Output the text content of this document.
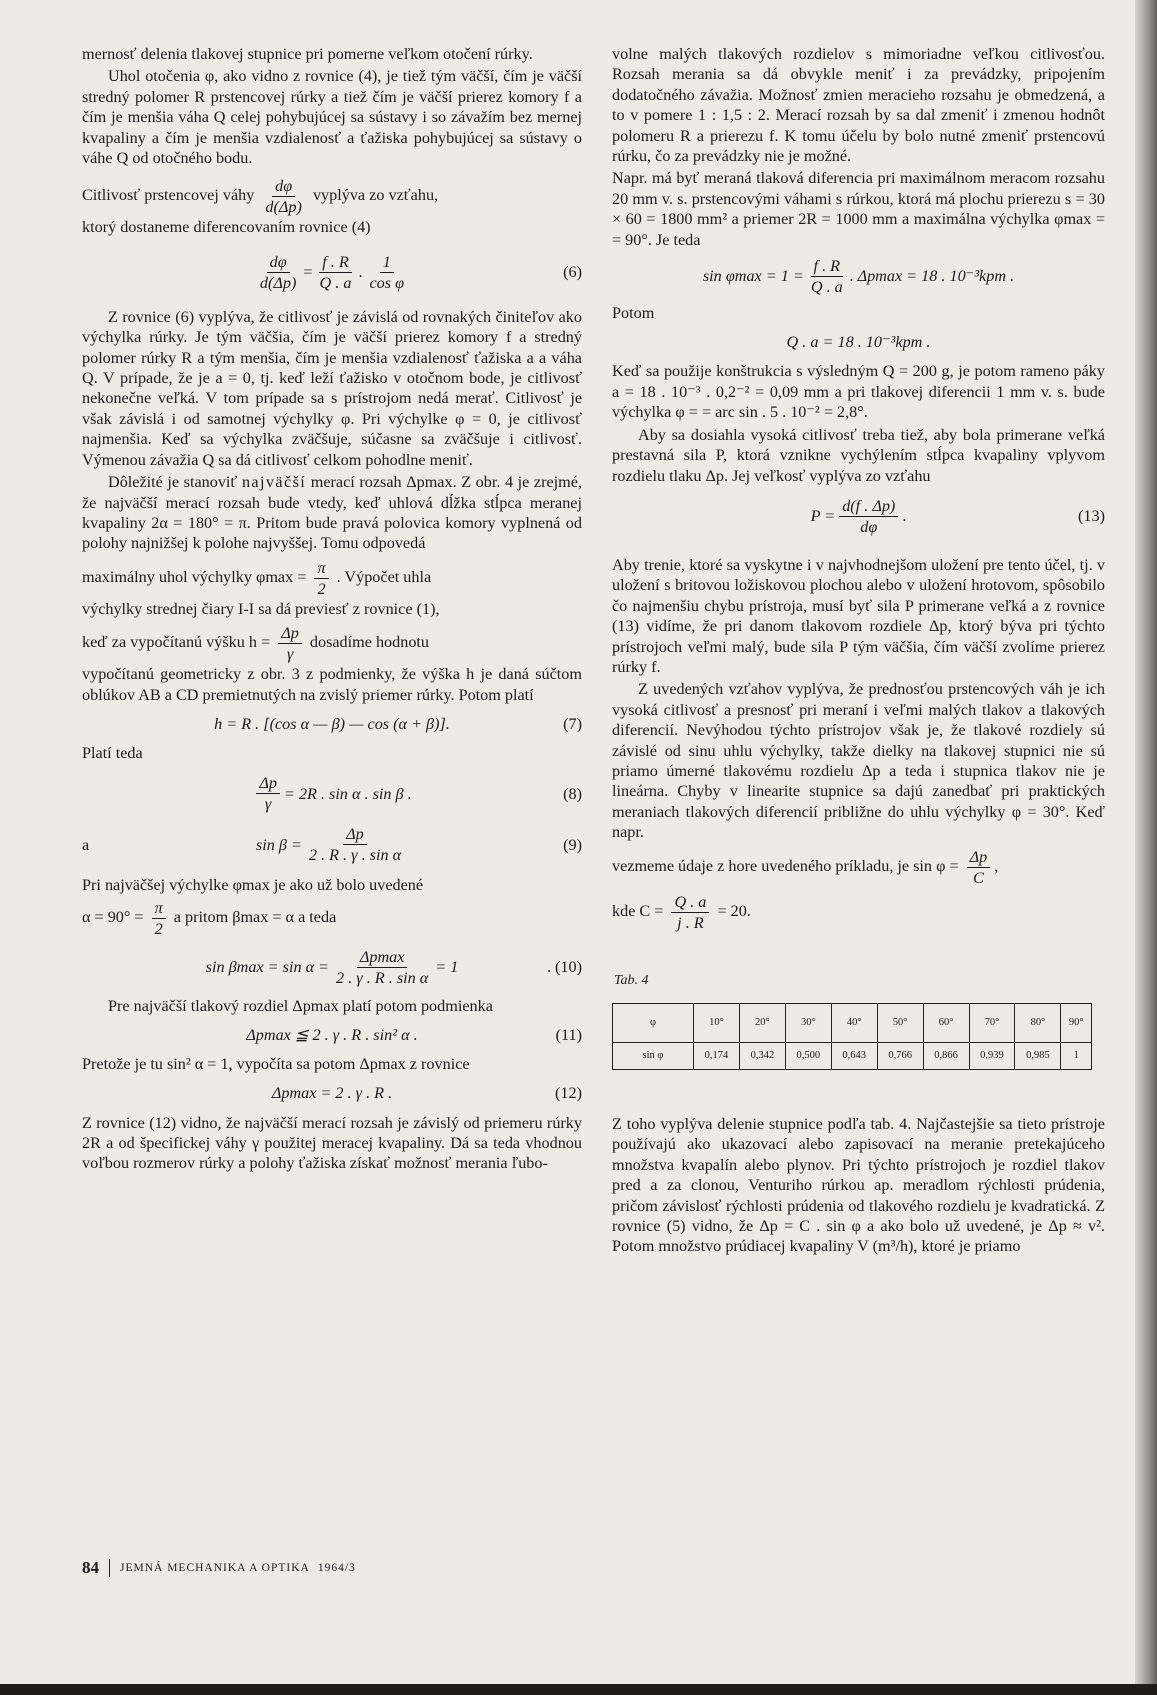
mernosť delenia tlakovej stupnice pri pomerne veľkom otočení rúrky.

Uhol otočenia φ, ako vidno z rovnice (4), je tiež tým väčší, čím je väčší stredný polomer R prstencovej rúrky a tiež čím je väčší prierez komory f a čím je menšia váha Q celej pohybujúcej sa sústavy i so závažím bez mernej kvapaliny a čím je menšia vzdialenosť a ťažiska pohybujúcej sa sústavy o váhe Q od otočného bodu.

Citlivosť prstencovej váhy $\frac{d\varphi}{d(\Delta p)}$ vyplýva zo vzťahu,
ktorý dostaneme diferencovaním rovnice (4)
$\frac{d\varphi}{d(\Delta p)} = \frac{f . R}{Q . a}$ . $\frac{1}{\text{cos φ}}$	(6)

Z rovnice (6) vyplýva, že citlivosť je závislá od rovnakých činiteľov ako výchylka rúrky. Je tým väčšia, čím je väčší prierez komory f a stredný polomer rúrky R a tým menšia, čím je menšia vzdialenosť ťažiska a a váha Q. V prípade, že je a = 0, tj. keď leží ťažisko v otočnom bode, je citlivosť nekonečne veľká. V tom prípade sa s prístrojom nedá merať. Citlivosť je však závislá i od samotnej výchylky φ. Pri výchylke φ = 0, je citlivosť najmenšia. Keď sa výchylka zväčšuje, súčasne sa zväčšuje i citlivosť. Výmenou závažia Q sa dá citlivosť celkom pohodlne meniť.

Dôležité je stanoviť najväčší merací rozsah Δpmax. Z obr. 4 je zrejmé, že najväčší merací rozsah bude vtedy, keď uhlová dĺžka stĺpca meranej kvapaliny 2α = 180° = π. Pritom bude pravá polovica komory vyplnená od polohy najnižšej k polohe najvyššej. Tomu odpovedá

maximálny uhol výchylky $\varphi\max = \frac{\pi}{2}$ . Výpočet uhla
výchylky strednej čiary I-I sa dá previesť z rovnice (1),
keď za vypočítanú výšku $h = \frac{\Delta p}{\gamma}$ dosadíme hodnotu

vypočítanú geometricky z obr. 3 z podmienky, že výška h je daná súčtom oblúkov AB a CD premietnutých na zvislý priemer rúrky. Potom platí

h = R . [(cos α — β) — cos (α + β)].	(7)

Platí teda

$\frac{\Delta p}{\gamma} = 2R$ . sin α . sin β .	(8)
a	$\sin \beta = \frac{\Delta p}{\text{2 . R . γ . sin α}}$	(9)

Pri najväčšej výchylke φmax je ako už bolo uvedené

$\alpha = 90^\circ = \frac{\pi}{2}$ a pritom βmax = α a teda
$\sin \beta\max = \sin \alpha = \frac{\Delta pmax}{\text{2 . γ . R . sin α}} = 1$	. (10)

Pre najväčší tlakový rozdiel Δpmax platí potom podmienka

Δpmax ≦ 2 . γ . R . sin² α .	(11)

Pretože je tu sin² α = 1, vypočíta sa potom Δpmax z rovnice

Δpmax = 2 . γ . R .	(12)

Z rovnice (12) vidno, že najväčší merací rozsah je závislý od priemeru rúrky 2R a od špecifickej váhy γ použitej meracej kvapaliny. Dá sa teda vhodnou voľbou rozmerov rúrky a polohy ťažiska získať možnosť merania ľubo-

volne malých tlakových rozdielov s mimoriadne veľkou citlivosťou. Rozsah merania sa dá obvykle meniť i za prevádzky, pripojením dodatočného závažia. Možnosť zmien meracieho rozsahu je obmedzená, a to v pomere 1 : 1,5 : 2. Merací rozsah by sa dal zmeniť i zmenou hodnôt polomeru R a prierezu f. K tomu účelu by bolo nutné zmeniť prstencovú rúrku, čo za prevádzky nie je možné.

Napr. má byť meraná tlaková diferencia pri maximálnom meracom rozsahu 20 mm v. s. prstencovými váhami s rúrkou, ktorá má plochu prierezu s = 30 × 60 = 1800 mm² a priemer 2R = 1000 mm a maximálna výchylka φmax = = 90°. Je teda

$\sin \varphi\max = 1 = \frac{f . R}{Q . a}$ . Δpmax = 18 . 10⁻³kpm .

Potom

Q . a = 18 . 10⁻³kpm .

Keď sa použije konštrukcia s výsledným Q = 200 g, je potom rameno páky a = 18 . 10⁻³ . 0,2⁻² = 0,09 mm a pri tlakovej diferencii 1 mm v. s. bude výchylka φ = = arc sin . 5 . 10⁻² = 2,8°.

Aby sa dosiahla vysoká citlivosť treba tiež, aby bola primerane veľká prestavná sila P, ktorá vznikne vychýlením stĺpca kvapaliny vplyvom rozdielu tlaku Δp. Jej veľkosť vyplýva zo vzťahu

$P = \frac{d(f . \Delta p)}{d\varphi}$ .	(13)

Aby trenie, ktoré sa vyskytne i v najvhodnejšom uložení pre tento účel, tj. v uložení s britovou ložiskovou plochou alebo v uložení hrotovom, spôsobilo čo najmenšiu chybu prístroja, musí byť sila P primerane veľká a z rovnice (13) vidíme, že pri danom tlakovom rozdiele Δp, ktorý býva pri týchto prístrojoch veľmi malý, bude sila P tým väčšia, čím väčší zvolíme prierez rúrky f.

Z uvedených vzťahov vyplýva, že prednosťou prstencových váh je ich vysoká citlivosť a presnosť pri meraní i veľmi malých tlakov a tlakových diferencií. Nevýhodou týchto prístrojov však je, že tlakové rozdiely sú závislé od sinu uhlu výchylky, takže dielky na tlakovej stupnici nie sú priamo úmerné tlakovému rozdielu Δp a teda i stupnica tlakov nie je lineárna. Chyby v linearite stupnice sa dajú zanedbať pri praktických meraniach tlakových diferencií približne do uhlu výchylky φ = 30°. Keď napr.

vezmeme údaje z hore uvedeného príkladu, je $\sin \varphi = \frac{\Delta p}{C}$ ,
kde $C = \frac{Q . a}{j . R} = 20$.
Tab. 4
φ	10°	20°	30°	40°	50°	60°	70°	80°	90°
sin φ	0,174	0,342	0,500	0,643	0,766	0,866	0,939	0,985	1

Z toho vyplýva delenie stupnice podľa tab. 4. Najčastejšie sa tieto prístroje používajú ako ukazovací alebo zapisovací na meranie pretekajúceho množstva kvapalín alebo plynov. Pri týchto prístrojoch je rozdiel tlakov pred a za clonou, Venturiho rúrkou ap. meradlom rýchlosti prúdenia, pričom závislosť rýchlosti prúdenia od tlakového rozdielu je kvadratická. Z rovnice (5) vidno, že Δp = C . sin φ a ako bolo už uvedené, je Δp ≈ v². Potom množstvo prúdiacej kvapaliny V (m³/h), ktoré je priamo

84 JEMNÁ MECHANIKA A OPTIKA 1964/3
